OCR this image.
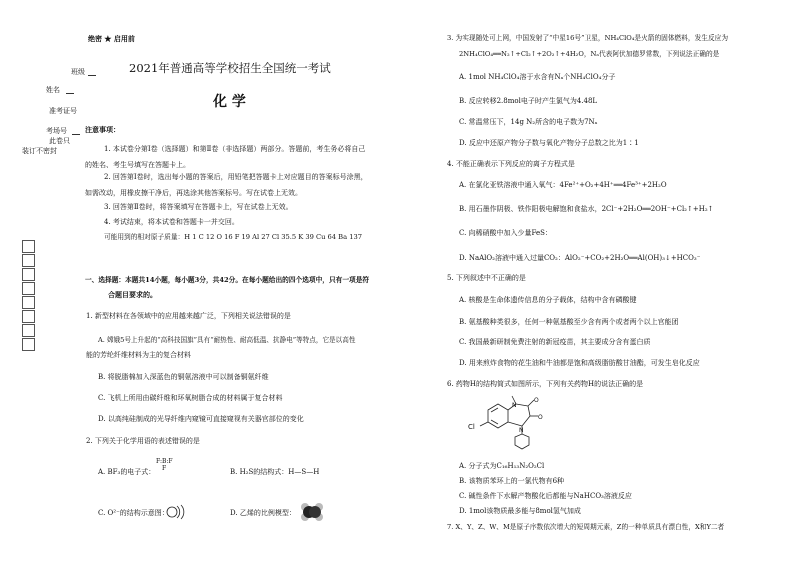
班级
姓名
准考证号
考场号
此卷只
装订不密封
绝密 ★ 启用前
2021年普通高等学校招生全国统一考试
化 学
注意事项：
1. 本试卷分第Ⅰ卷（选择题）和第Ⅱ卷（非选择题）两部分。答题前，考生务必将自己
的姓名、考生号填写在答题卡上。
2. 回答第Ⅰ卷时，选出每小题的答案后，用铅笔把答题卡上对应题目的答案标号涂黑，
如需改动，用橡皮擦干净后，再选涂其他答案标号。写在试卷上无效。
3. 回答第Ⅱ卷时，将答案填写在答题卡上，写在试卷上无效。
4. 考试结束，将本试卷和答题卡一并交回。
可能用到的相对原子质量：H 1 C 12 O 16 F 19 Al 27 Cl 35.5 K 39 Cu 64 Ba 137
一、选择题：本题共14小题，每小题3分，共42分。在每小题给出的四个选项中，只有一项是符
合题目要求的。
1. 新型材料在各领域中的应用越来越广泛，下列相关说法错误的是
A. 嫦娥5号上升起的“高科技国旗”具有“耐热性、耐高低温、抗静电”等特点，它是以高性
能的芳纶纤维材料为主的复合材料
B. 将脱脂棉加入深蓝色的铜氨溶液中可以制备铜氨纤维
C. 飞机上所用由碳纤维和环氧树脂合成的材料属于复合材料
D. 以高纯硅制成的光导纤维内窥镜可直接窥视有关器官部位的变化
2. 下列关于化学用语的表述错误的是
F:B:F
F
A. BF₃的电子式：	B. H₂S的结构式：H—S—H
C. O²⁻的结构示意图：	D. 乙烯的比例模型：
3. 为实现随处可上网，中国发射了“中星16号”卫星，NH₄ClO₄是火箭的固体燃料，发生反应为
2NH₄ClO₄══N₂↑+Cl₂↑+2O₂↑+4H₂O，Nₐ代表阿伏加德罗常数，下列说法正确的是
A. 1mol NH₄ClO₄溶于水含有Nₐ个NH₄ClO₄分子
B. 反应转移2.8mol电子时产生氯气为4.48L
C. 常温常压下，14g N₂所含的电子数为7Nₐ
D. 反应中还原产物分子数与氧化产物分子总数之比为1∶1
4. 不能正确表示下列反应的离子方程式是
A. 在氯化亚铁溶液中通入氧气：4Fe²⁺+O₂+4H⁺══4Fe³⁺+2H₂O
B. 用石墨作阴极、铁作阳极电解饱和食盐水，2Cl⁻+2H₂O══2OH⁻+Cl₂↑+H₂↑
C. 向稀硝酸中加入少量FeS：
D. NaAlO₂溶液中通入过量CO₂：AlO₂⁻+CO₂+2H₂O══Al(OH)₃↓+HCO₃⁻
5. 下列叙述中不正确的是
A. 核酸是生命体遗传信息的分子载体，结构中含有磷酸键
B. 氨基酸种类很多，任何一种氨基酸至少含有两个或者两个以上官能团
C. 我国最新研制免费注射的新冠疫苗，其主要成分含有蛋白质
D. 用来煎炸食物的花生油和牛油都是饱和高级脂肪酸甘油酯，可发生皂化反应
6. 药物H的结构简式如图所示，下列有关药物H的说法正确的是
Cl
N
N
O
O
A. 分子式为C₁₆H₁₃N₂O₂Cl
B. 该物质苯环上的一氯代物有6种
C. 碱性条件下水解产物酸化后都能与NaHCO₃溶液反应
D. 1mol该物质最多能与8mol氢气加成
7. X、Y、Z、W、M是原子序数依次增大的短周期元素，Z的一种单质具有漂白性，X和Y二者
